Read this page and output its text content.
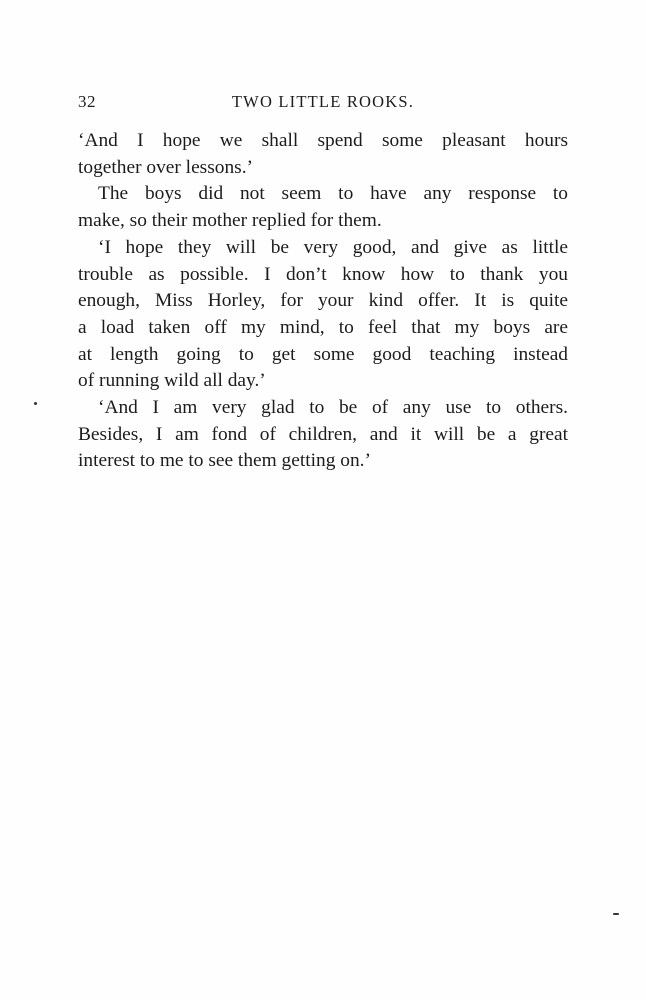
32	TWO LITTLE ROOKS.

‘And I hope we shall spend some pleasant hours
together over lessons.’

The boys did not seem to have any response to
make, so their mother replied for them.

‘I hope they will be very good, and give as little
trouble as possible. I don’t know how to thank you
enough, Miss Horley, for your kind offer. It is quite
a load taken off my mind, to feel that my boys are
at length going to get some good teaching instead
of running wild all day.’

‘And I am very glad to be of any use to others.
Besides, I am fond of children, and it will be a great
interest to me to see them getting on.’
